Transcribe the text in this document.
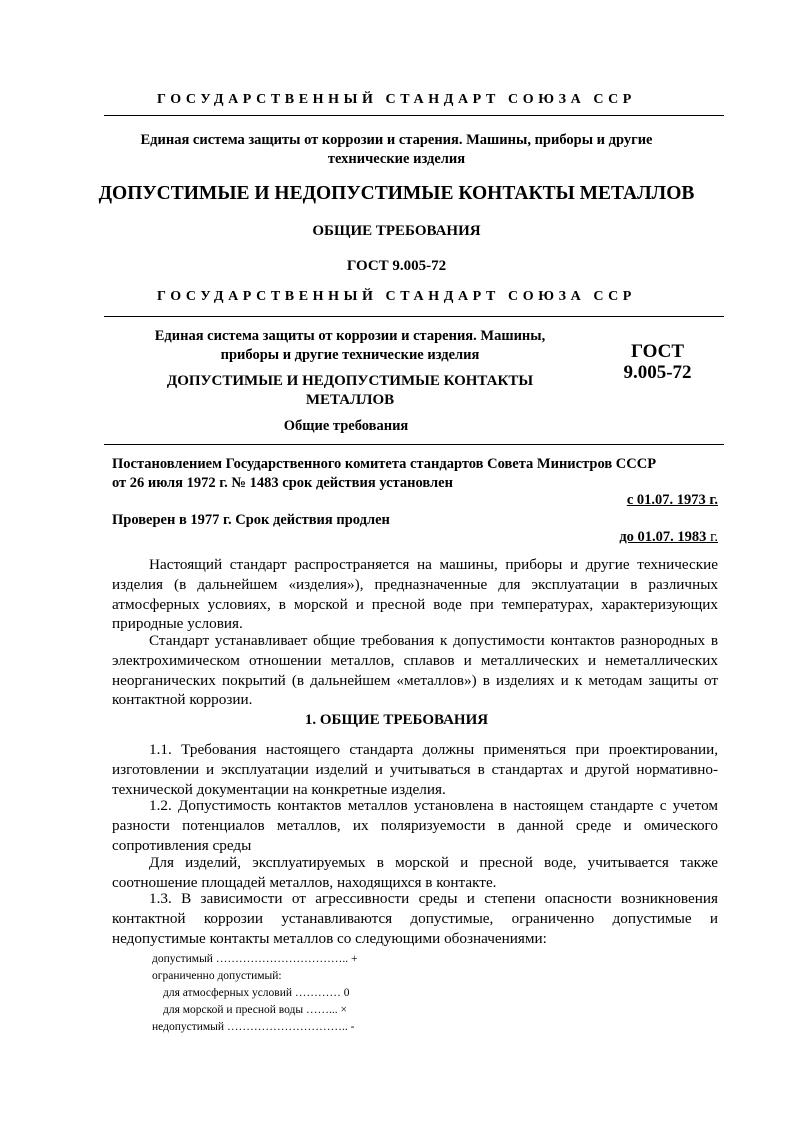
ГОСУДАРСТВЕННЫЙ СТАНДАРТ СОЮЗА ССР
Единая система защиты от коррозии и старения. Машины, приборы и другие
технические изделия
ДОПУСТИМЫЕ И НЕДОПУСТИМЫЕ КОНТАКТЫ МЕТАЛЛОВ
ОБЩИЕ ТРЕБОВАНИЯ
ГОСТ 9.005-72
ГОСУДАРСТВЕННЫЙ СТАНДАРТ СОЮЗА ССР
Единая система защиты от коррозии и старения. Машины,
приборы и другие технические изделия
ДОПУСТИМЫЕ И НЕДОПУСТИМЫЕ КОНТАКТЫ
МЕТАЛЛОВ
Общие требования
ГОСТ
9.005-72
Постановлением Государственного комитета стандартов Совета Министров СССР
от 26 июля 1972 г. № 1483 срок действия установлен
с 01.07. 1973 г.
Проверен в 1977 г. Срок действия продлен
до 01.07. 1983 г.
Настоящий стандарт распространяется на машины, приборы и другие технические изделия (в дальнейшем «изделия»), предназначенные для эксплуатации в различных атмосферных условиях, в морской и пресной воде при температурах, характеризующих природные условия.
Стандарт устанавливает общие требования к допустимости контактов разнородных в электрохимическом отношении металлов, сплавов и металлических и неметаллических неорганических покрытий (в дальнейшем «металлов») в изделиях и к методам защиты от контактной коррозии.
1. ОБЩИЕ ТРЕБОВАНИЯ
1.1. Требования настоящего стандарта должны применяться при проектировании, изготовлении и эксплуатации изделий и учитываться в стандартах и другой нормативно-технической документации на конкретные изделия.
1.2. Допустимость контактов металлов установлена в настоящем стандарте с учетом разности потенциалов металлов, их поляризуемости в данной среде и омического сопротивления среды
Для изделий, эксплуатируемых в морской и пресной воде, учитывается также соотношение площадей металлов, находящихся в контакте.
1.3. В зависимости от агрессивности среды и степени опасности возникновения контактной коррозии устанавливаются допустимые, ограниченно допустимые и недопустимые контакты металлов со следующими обозначениями:
допустимый …………………………….. +
ограниченно допустимый:
для атмосферных условий ………… 0
для морской и пресной воды ……... ×
недопустимый ………………………….. -
